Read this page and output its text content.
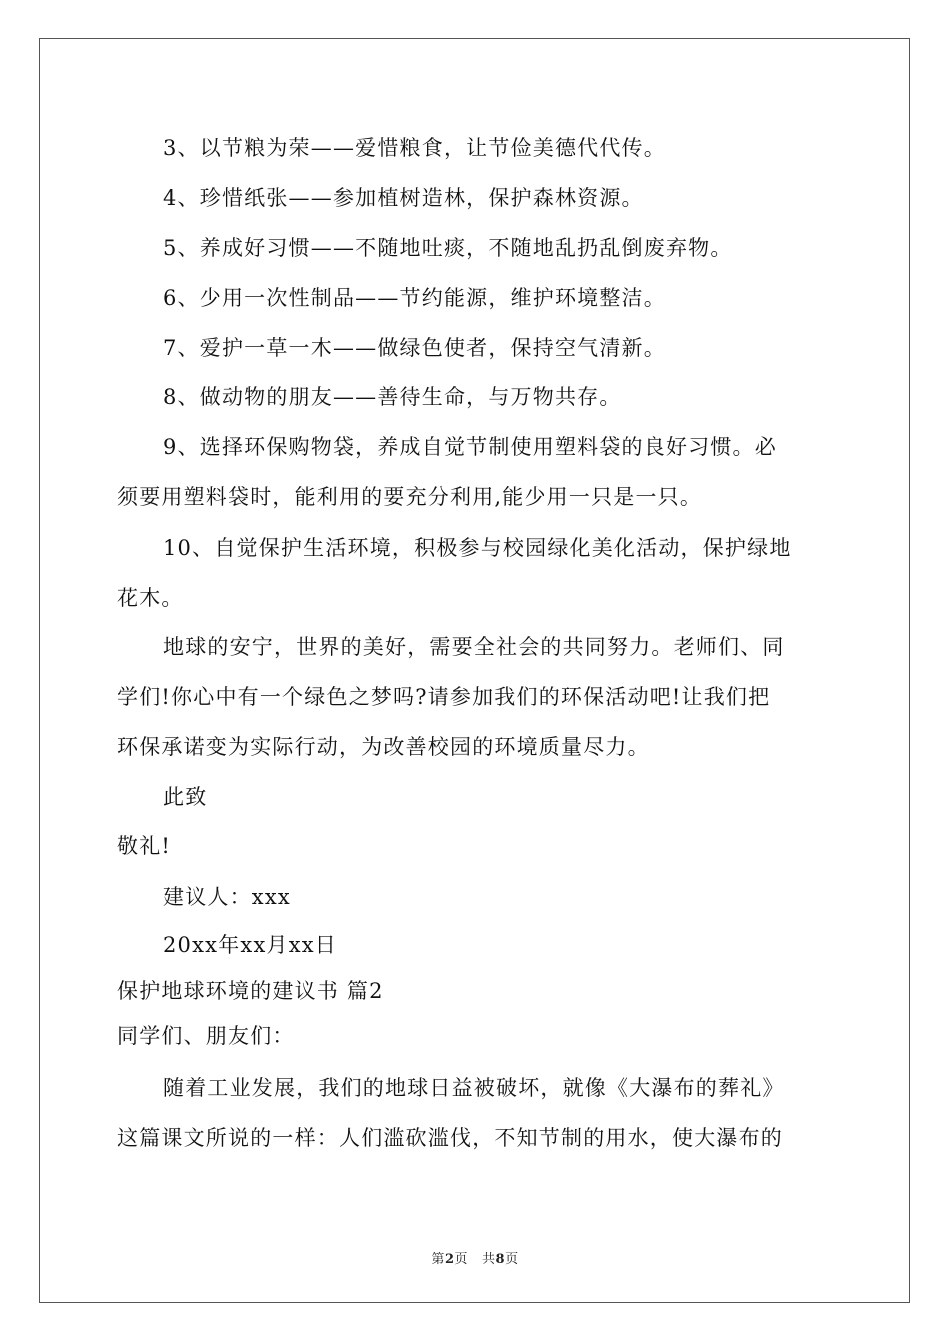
3、以节粮为荣——爱惜粮食，让节俭美德代代传。
4、珍惜纸张——参加植树造林，保护森林资源。
5、养成好习惯——不随地吐痰，不随地乱扔乱倒废弃物。
6、少用一次性制品——节约能源，维护环境整洁。
7、爱护一草一木——做绿色使者，保持空气清新。
8、做动物的朋友——善待生命，与万物共存。
9、选择环保购物袋，养成自觉节制使用塑料袋的良好习惯。必
须要用塑料袋时，能利用的要充分利用,能少用一只是一只。
10、自觉保护生活环境，积极参与校园绿化美化活动，保护绿地
花木。
地球的安宁，世界的美好，需要全社会的共同努力。老师们、同
学们!你心中有一个绿色之梦吗?请参加我们的环保活动吧!让我们把
环保承诺变为实际行动，为改善校园的环境质量尽力。
此致
敬礼!
建议人：xxx
20xx年xx月xx日
保护地球环境的建议书 篇2
同学们、朋友们：
随着工业发展，我们的地球日益被破坏，就像《大瀑布的葬礼》
这篇课文所说的一样：人们滥砍滥伐，不知节制的用水，使大瀑布的
第2页 共8页
